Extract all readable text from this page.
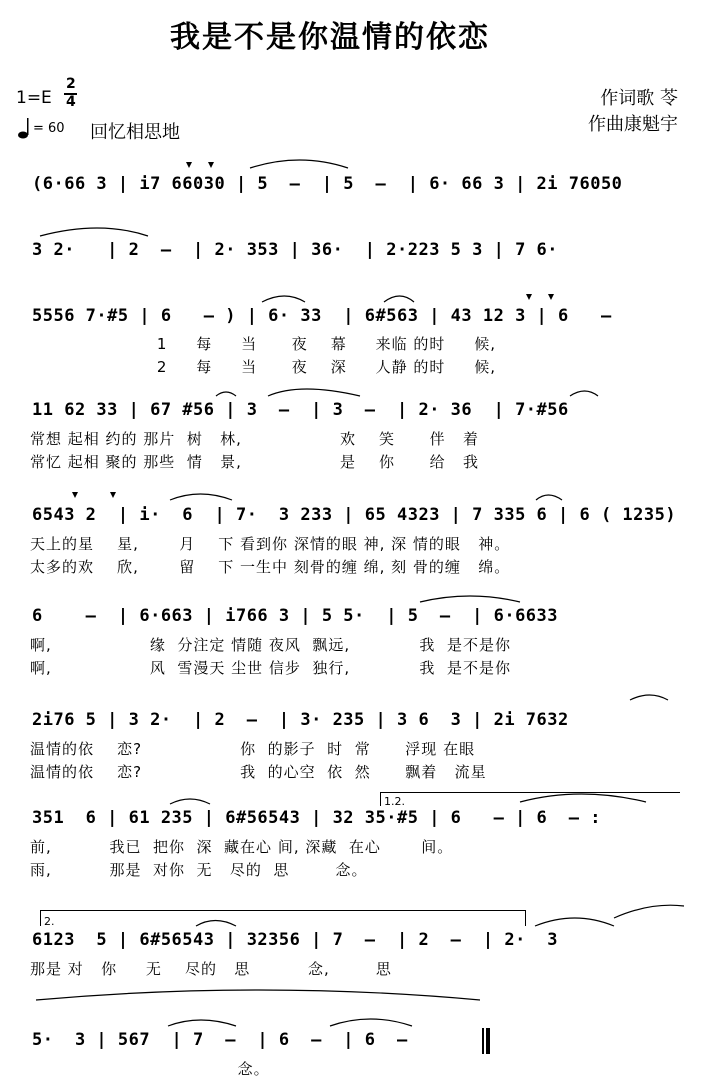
我是不是你温情的依恋
1=E
2
4
= 60 回忆相思地
作词歌 苓
作曲康魁宇
(6·66 3 | i7 66030 | 5  —  | 5  —  | 6· 66 3 | 2i 76050
3 2·   | 2  —  | 2· 353 | 36·  | 2·223 5 3 | 7 6·
5556 7·#5 | 6   — ) | 6· 33  | 6#563 | 43 12 3 | 6   —
1     每     当      夜    幕     来临 的时     候,
2     每     当      夜    深     人静 的时     候,
11 62 33 | 67 #56 | 3  —  | 3  —  | 2· 36  | 7·#56
常想 起相 约的 那片  树   林,                 欢    笑      伴   着
常忆 起相 聚的 那些  情   景,                 是    你      给   我
6543 2  | i·  6  | 7·  3 233 | 65 4323 | 7 335 6 | 6 ( 1235)
天上的星    星,       月    下 看到你 深情的眼 神, 深 情的眼   神。
太多的欢    欣,       留    下 一生中 刻骨的缠 绵, 刻 骨的缠   绵。
6    —  | 6·663 | i766 3 | 5 5·  | 5  —  | 6·6633
啊,                 缘  分注定 情随 夜风  飘远,            我  是不是你
啊,                 风  雪漫天 尘世 信步  独行,            我  是不是你
2i76 5 | 3 2·  | 2  —  | 3· 235 | 3 6  3 | 2i 7632
温情的依    恋?                 你  的影子  时  常      浮现 在眼
温情的依    恋?                 我  的心空  依  然      飘着   流星
1.2.
351  6 | 61 235 | 6#56543 | 32 35·#5 | 6   — | 6  — :
前,          我已  把你  深  藏在心 间, 深藏  在心       间。
雨,          那是  对你  无   尽的  思        念。
2.
6123  5 | 6#56543 | 32356 | 7  —  | 2  —  | 2·  3
那是 对   你     无    尽的   思          念,        思
5·  3 | 567  | 7  —  | 6  —  | 6  —
念。
